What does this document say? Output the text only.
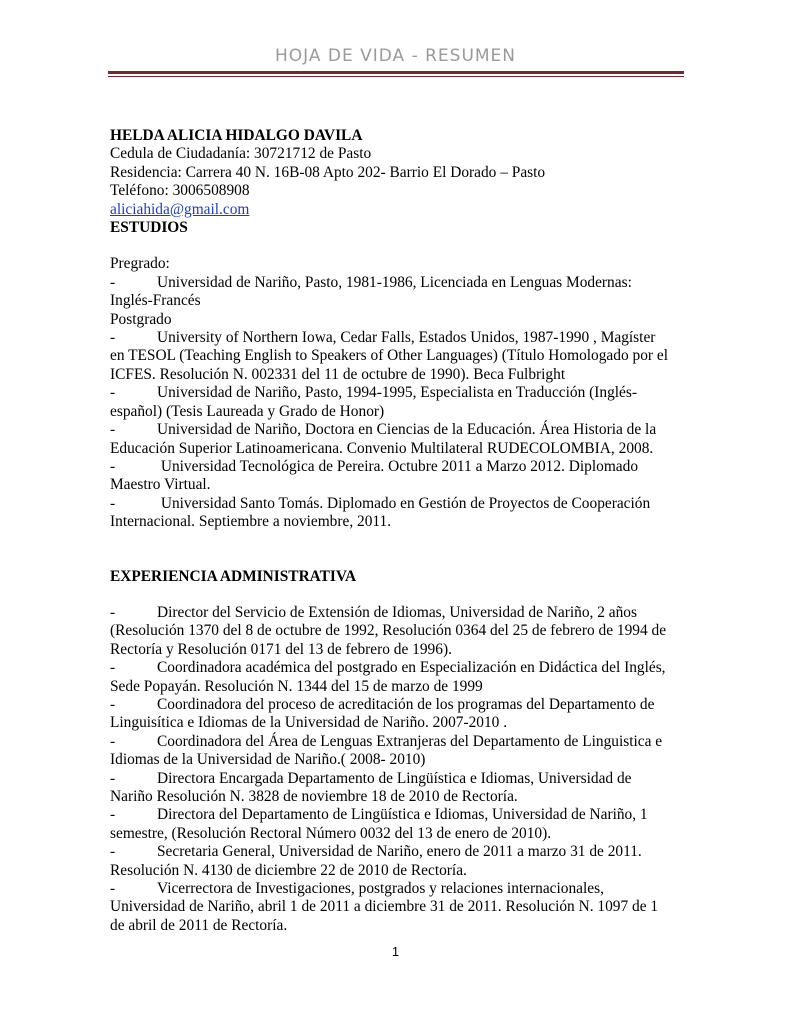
HOJA DE VIDA - RESUMEN

HELDA ALICIA HIDALGO DAVILA

Cedula de Ciudadanía: 30721712 de Pasto

Residencia: Carrera 40 N. 16B-08 Apto 202- Barrio El Dorado – Pasto

Teléfono: 3006508908

aliciahida@gmail.com

ESTUDIOS

Pregrado:

-	Universidad de Nariño, Pasto, 1981-1986, Licenciada en Lenguas Modernas: Inglés-Francés

Postgrado

-	University of Northern Iowa, Cedar Falls, Estados Unidos, 1987-1990 , Magíster en TESOL (Teaching English to Speakers of Other Languages) (Título Homologado por el ICFES. Resolución N. 002331 del 11 de octubre de 1990). Beca Fulbright

-	Universidad de Nariño, Pasto, 1994-1995, Especialista en Traducción (Inglés-español) (Tesis Laureada y Grado de Honor)

-	Universidad de Nariño, Doctora en Ciencias de la Educación. Área Historia de la Educación Superior Latinoamericana. Convenio Multilateral RUDECOLOMBIA, 2008.

-	Universidad Tecnológica de Pereira. Octubre 2011 a Marzo 2012. Diplomado Maestro Virtual.

-	Universidad Santo Tomás. Diplomado en Gestión de Proyectos de Cooperación Internacional. Septiembre a noviembre, 2011.

EXPERIENCIA ADMINISTRATIVA

-	Director del Servicio de Extensión de Idiomas, Universidad de Nariño, 2 años (Resolución 1370 del 8 de octubre de 1992, Resolución 0364 del 25 de febrero de 1994 de Rectoría y Resolución 0171 del 13 de febrero de 1996).

-	Coordinadora académica del postgrado en Especialización en Didáctica del Inglés, Sede Popayán. Resolución N. 1344 del 15 de marzo de 1999

-	Coordinadora del proceso de acreditación de los programas del Departamento de Linguisítica e Idiomas de la Universidad de Nariño. 2007-2010 .

-	Coordinadora del Área de Lenguas Extranjeras del Departamento de Linguistica e Idiomas de la Universidad de Nariño.( 2008- 2010)

-	Directora Encargada Departamento de Lingüística e Idiomas, Universidad de Nariño Resolución N. 3828 de noviembre 18 de 2010 de Rectoría.

-	Directora del Departamento de Lingüística e Idiomas, Universidad de Nariño, 1 semestre, (Resolución Rectoral Número 0032 del 13 de enero de 2010).

-	Secretaria General, Universidad de Nariño, enero de 2011 a marzo 31 de 2011. Resolución N. 4130 de diciembre 22 de 2010 de Rectoría.

-	Vicerrectora de Investigaciones, postgrados y relaciones internacionales, Universidad de Nariño, abril 1 de 2011 a diciembre 31 de 2011. Resolución N. 1097 de 1 de abril de 2011 de Rectoría.

1
